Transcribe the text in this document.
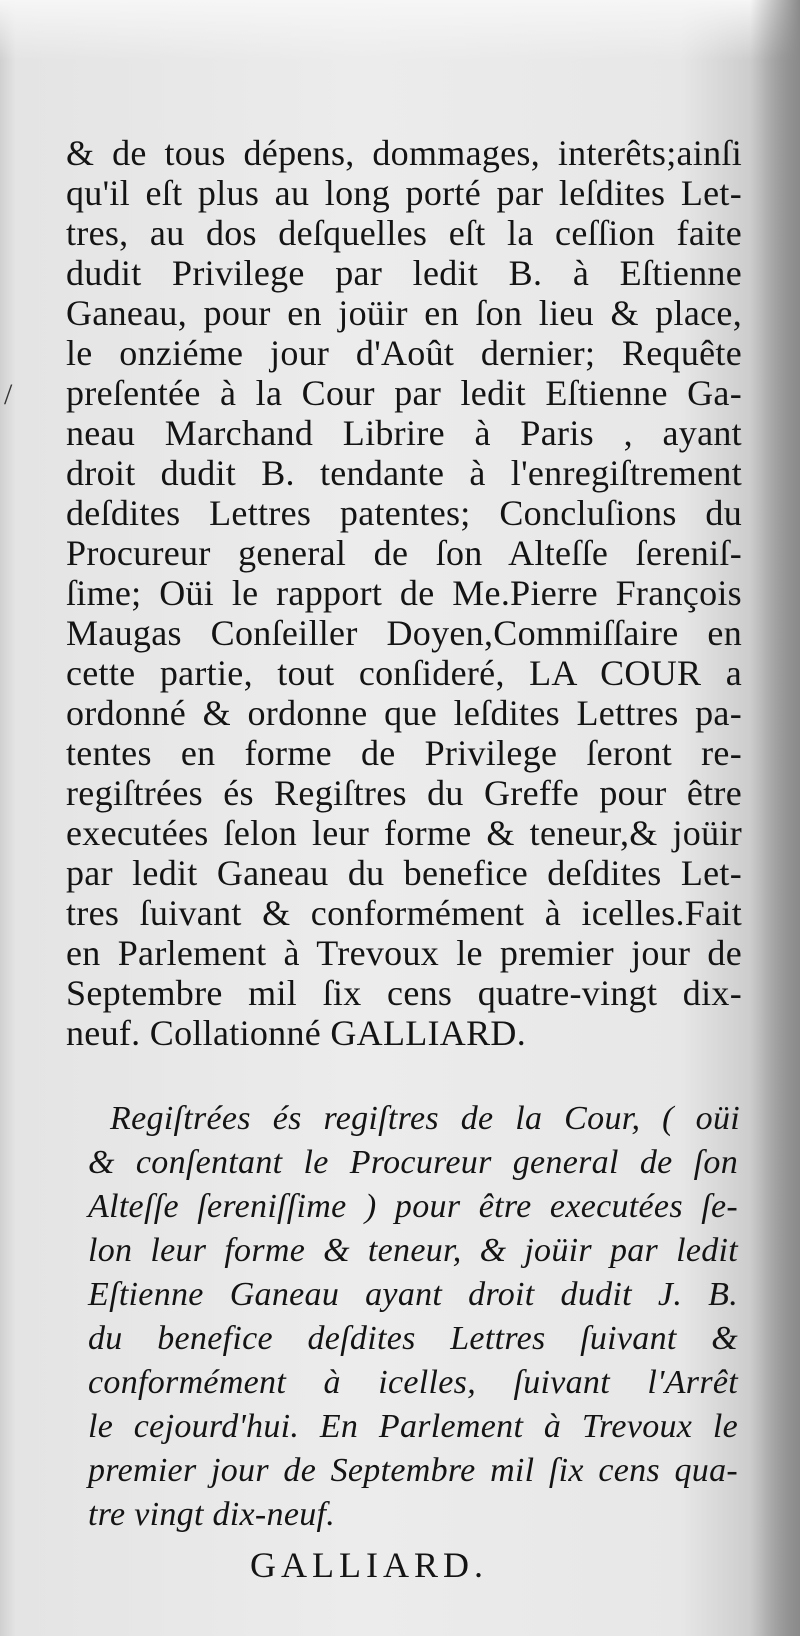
/
& de tous dépens, dommages, interêts;ainſi
qu'il eſt plus au long porté par leſdites Let-
tres, au dos deſquelles eſt la ceſſion faite
dudit Privilege par ledit B. à Eſtienne
Ganeau, pour en joüir en ſon lieu & place,
le onziéme jour d'Août dernier; Requête
preſentée à la Cour par ledit Eſtienne Ga-
neau Marchand Librire à Paris , ayant
droit dudit B. tendante à l'enregiſtrement
deſdites Lettres patentes; Concluſions du
Procureur general de ſon Alteſſe ſereniſ-
ſime; Oüi le rapport de Me.Pierre François
Maugas Conſeiller Doyen,Commiſſaire en
cette partie, tout conſideré, LA COUR a
ordonné & ordonne que leſdites Lettres pa-
tentes en forme de Privilege ſeront re-
regiſtrées és Regiſtres du Greffe pour être
executées ſelon leur forme & teneur,& joüir
par ledit Ganeau du benefice deſdites Let-
tres ſuivant & conformément à icelles.Fait
en Parlement à Trevoux le premier jour de
Septembre mil ſix cens quatre-vingt dix-
neuf. Collationné GALLIARD.
Regiſtrées és regiſtres de la Cour, ( oüi
& conſentant le Procureur general de ſon
Alteſſe ſereniſſime ) pour être executées ſe-
lon leur forme & teneur, & joüir par ledit
Eſtienne Ganeau ayant droit dudit J. B.
du benefice deſdites Lettres ſuivant &
conformément à icelles, ſuivant l'Arrêt
le cejourd'hui. En Parlement à Trevoux le
premier jour de Septembre mil ſix cens qua-
tre vingt dix-neuf.
GALLIARD.
